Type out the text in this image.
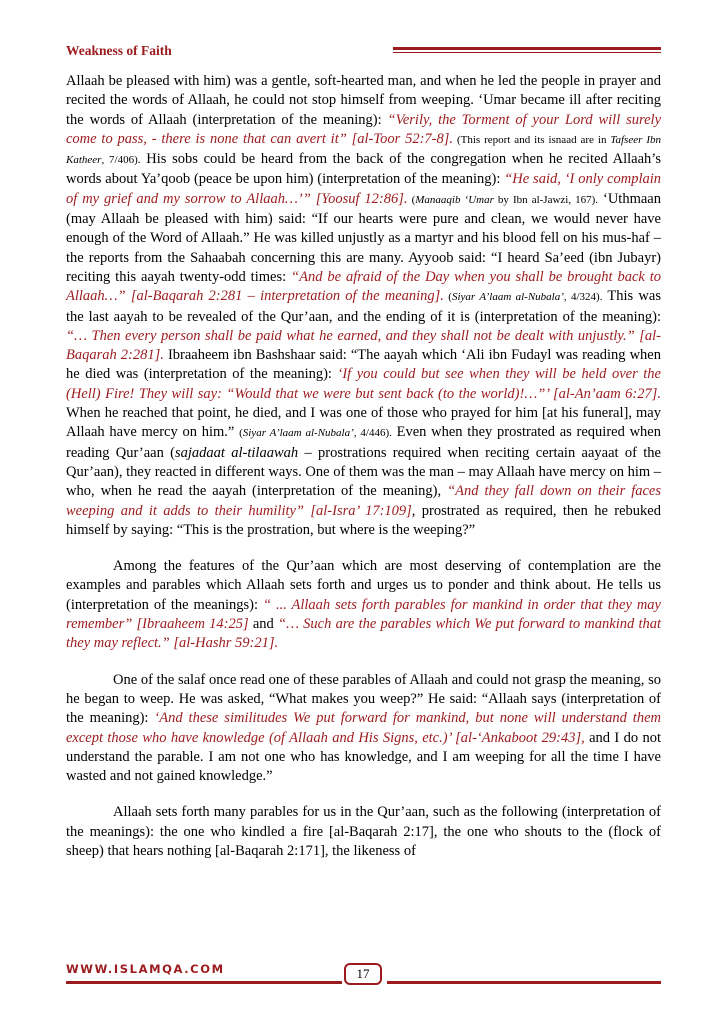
Weakness of Faith

Allaah be pleased with him) was a gentle, soft-hearted man, and when he led the people in prayer and recited the words of Allaah, he could not stop himself from weeping. ‘Umar became ill after reciting the words of Allaah (interpretation of the meaning): “Verily, the Torment of your Lord will surely come to pass, - there is none that can avert it” [al-Toor 52:7-8]. (This report and its isnaad are in Tafseer Ibn Katheer, 7/406). His sobs could be heard from the back of the congregation when he recited Allaah’s words about Ya’qoob (peace be upon him) (interpretation of the meaning): “He said, ‘I only complain of my grief and my sorrow to Allaah…’” [Yoosuf 12:86]. (Manaaqib ‘Umar by Ibn al-Jawzi, 167). ‘Uthmaan (may Allaah be pleased with him) said: “If our hearts were pure and clean, we would never have enough of the Word of Allaah.” He was killed unjustly as a martyr and his blood fell on his mus-haf – the reports from the Sahaabah concerning this are many. Ayyoob said: “I heard Sa’eed (ibn Jubayr) reciting this aayah twenty-odd times: “And be afraid of the Day when you shall be brought back to Allaah…” [al-Baqarah 2:281 – interpretation of the meaning]. (Siyar A’laam al-Nubala’, 4/324). This was the last aayah to be revealed of the Qur’aan, and the ending of it is (interpretation of the meaning): “… Then every person shall be paid what he earned, and they shall not be dealt with unjustly.” [al-Baqarah 2:281]. Ibraaheem ibn Bashshaar said: “The aayah which ‘Ali ibn Fudayl was reading when he died was (interpretation of the meaning): ‘If you could but see when they will be held over the (Hell) Fire! They will say: “Would that we were but sent back (to the world)!…”’ [al-An’aam 6:27]. When he reached that point, he died, and I was one of those who prayed for him [at his funeral], may Allaah have mercy on him.” (Siyar A’laam al-Nubala’, 4/446). Even when they prostrated as required when reading Qur’aan (sajadaat al-tilaawah – prostrations required when reciting certain aayaat of the Qur’aan), they reacted in different ways. One of them was the man – may Allaah have mercy on him – who, when he read the aayah (interpretation of the meaning), “And they fall down on their faces weeping and it adds to their humility” [al-Isra’ 17:109], prostrated as required, then he rebuked himself by saying: “This is the prostration, but where is the weeping?”

Among the features of the Qur’aan which are most deserving of contemplation are the examples and parables which Allaah sets forth and urges us to ponder and think about. He tells us (interpretation of the meanings): “ ... Allaah sets forth parables for mankind in order that they may remember” [Ibraaheem 14:25] and “… Such are the parables which We put forward to mankind that they may reflect.” [al-Hashr 59:21].

One of the salaf once read one of these parables of Allaah and could not grasp the meaning, so he began to weep. He was asked, “What makes you weep?” He said: “Allaah says (interpretation of the meaning): ‘And these similitudes We put forward for mankind, but none will understand them except those who have knowledge (of Allaah and His Signs, etc.)’ [al-‘Ankaboot 29:43], and I do not understand the parable. I am not one who has knowledge, and I am weeping for all the time I have wasted and not gained knowledge.”

Allaah sets forth many parables for us in the Qur’aan, such as the following (interpretation of the meanings): the one who kindled a fire [al-Baqarah 2:17], the one who shouts to the (flock of sheep) that hears nothing [al-Baqarah 2:171], the likeness of

WWW.ISLAMQA.COM	17
